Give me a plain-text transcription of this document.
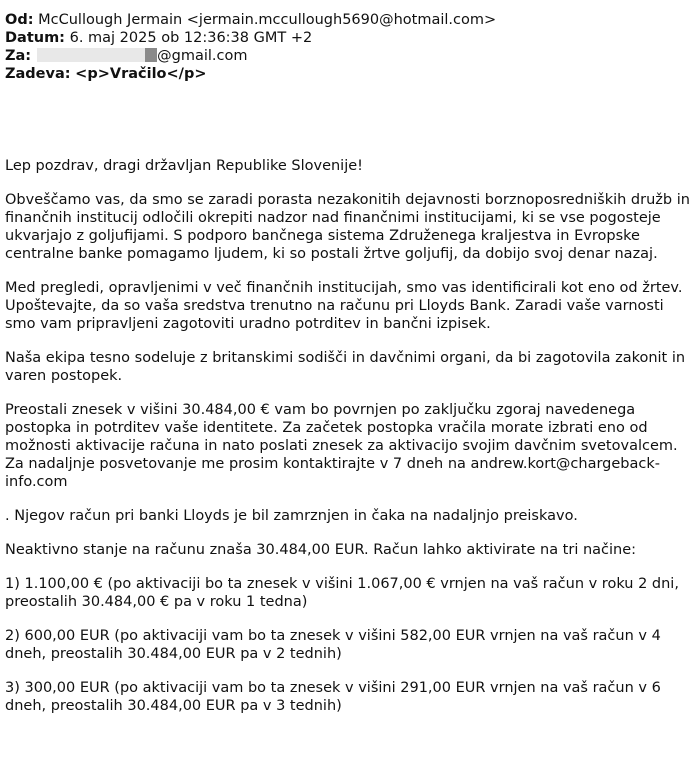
Od: McCullough Jermain <jermain.mccullough5690@hotmail.com>
Datum: 6. maj 2025 ob 12:36:38 GMT +2
Za:	@gmail.com
Zadeva: <p>Vračilo</p>

Lep pozdrav, dragi državljan Republike Slovenije!

Obveščamo vas, da smo se zaradi porasta nezakonitih dejavnosti borznoposredniških družb in finančnih institucij odločili okrepiti nadzor nad finančnimi institucijami, ki se vse pogosteje ukvarjajo z goljufijami. S podporo bančnega sistema Združenega kraljestva in Evropske centralne banke pomagamo ljudem, ki so postali žrtve goljufij, da dobijo svoj denar nazaj.

Med pregledi, opravljenimi v več finančnih institucijah, smo vas identificirali kot eno od žrtev. Upoštevajte, da so vaša sredstva trenutno na računu pri Lloyds Bank. Zaradi vaše varnosti smo vam pripravljeni zagotoviti uradno potrditev in bančni izpisek.

Naša ekipa tesno sodeluje z britanskimi sodišči in davčnimi organi, da bi zagotovila zakonit in varen postopek.

Preostali znesek v višini 30.484,00 € vam bo povrnjen po zaključku zgoraj navedenega postopka in potrditev vaše identitete. Za začetek postopka vračila morate izbrati eno od možnosti aktivacije računa in nato poslati znesek za aktivacijo svojim davčnim svetovalcem. Za nadaljnje posvetovanje me prosim kontaktirajte v 7 dneh na andrew.kort@chargeback-info.com

. Njegov račun pri banki Lloyds je bil zamrznjen in čaka na nadaljnjo preiskavo.

Neaktivno stanje na računu znaša 30.484,00 EUR. Račun lahko aktivirate na tri načine:

1) 1.100,00 € (po aktivaciji bo ta znesek v višini 1.067,00 € vrnjen na vaš račun v roku 2 dni, preostalih 30.484,00 € pa v roku 1 tedna)

2) 600,00 EUR (po aktivaciji vam bo ta znesek v višini 582,00 EUR vrnjen na vaš račun v 4 dneh, preostalih 30.484,00 EUR pa v 2 tednih)

3) 300,00 EUR (po aktivaciji vam bo ta znesek v višini 291,00 EUR vrnjen na vaš račun v 6 dneh, preostalih 30.484,00 EUR pa v 3 tednih)
